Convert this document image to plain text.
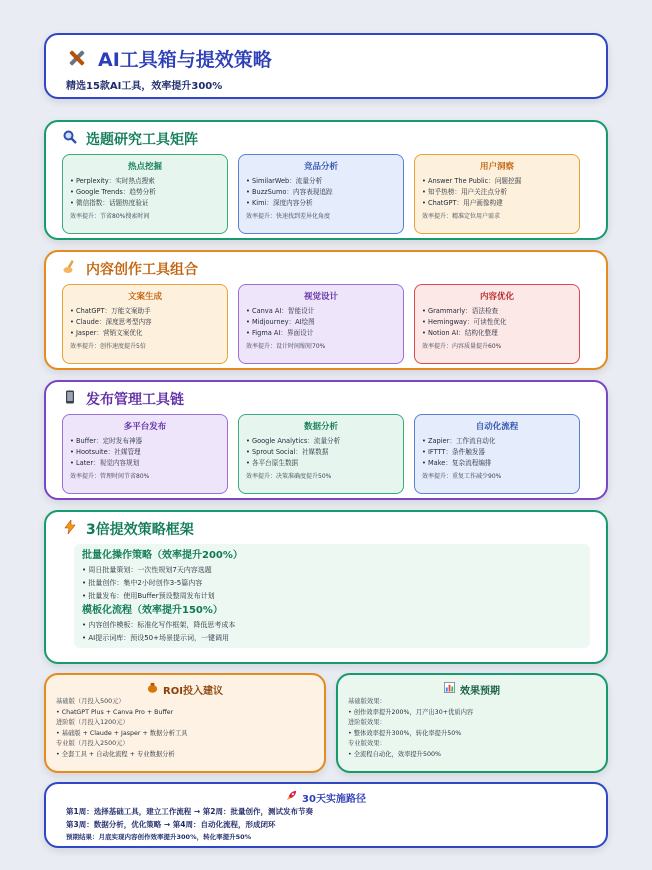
AI工具箱与提效策略
精选15款AI工具，效率提升300%
选题研究工具矩阵
热点挖掘
• Perplexity：实时热点搜索
• Google Trends：趋势分析
• 微信指数：话题热度验证
效率提升：节省80%搜索时间
竞品分析
• SimilarWeb：流量分析
• BuzzSumo：内容表现追踪
• Kimi：深度内容分析
效率提升：快速找到差异化角度
用户洞察
• Answer The Public：问题挖掘
• 知乎热榜：用户关注点分析
• ChatGPT：用户画像构建
效率提升：精准定位用户需求
内容创作工具组合
文案生成
• ChatGPT：万能文案助手
• Claude：深度思考型内容
• Jasper：营销文案优化
效率提升：创作速度提升5倍
视觉设计
• Canva AI：智能设计
• Midjourney：AI绘图
• Figma AI：界面设计
效率提升：设计时间缩短70%
内容优化
• Grammarly：语法检查
• Hemingway：可读性优化
• Notion AI：结构化整理
效率提升：内容质量提升60%
发布管理工具链
多平台发布
• Buffer：定时发布神器
• Hootsuite：社媒管理
• Later：视觉内容规划
效率提升：管理时间节省80%
数据分析
• Google Analytics：流量分析
• Sprout Social：社媒数据
• 各平台原生数据
效率提升：决策准确度提升50%
自动化流程
• Zapier：工作流自动化
• IFTTT：条件触发器
• Make：复杂流程编排
效率提升：重复工作减少90%
3倍提效策略框架
批量化操作策略（效率提升200%）
• 周日批量策划：一次性规划7天内容选题
• 批量创作：集中2小时创作3-5篇内容
• 批量发布：使用Buffer预设整周发布计划
模板化流程（效率提升150%）
• 内容创作模板：标准化写作框架，降低思考成本
• AI提示词库：预设50+场景提示词，一键调用
ROI投入建议
基础版（月投入500元）
• ChatGPT Plus + Canva Pro + Buffer
进阶版（月投入1200元）
• 基础版 + Claude + Jasper + 数据分析工具
专业版（月投入2500元）
• 全套工具 + 自动化流程 + 专业数据分析
效果预期
基础版效果：
• 创作效率提升200%，月产出30+优质内容
进阶版效果：
• 整体效率提升300%，转化率提升50%
专业版效果：
• 全流程自动化，效率提升500%
30天实施路径
第1周：选择基础工具，建立工作流程 → 第2周：批量创作，测试发布节奏
第3周：数据分析，优化策略 → 第4周：自动化流程，形成闭环
预期结果：月底实现内容创作效率提升300%，转化率提升50%
